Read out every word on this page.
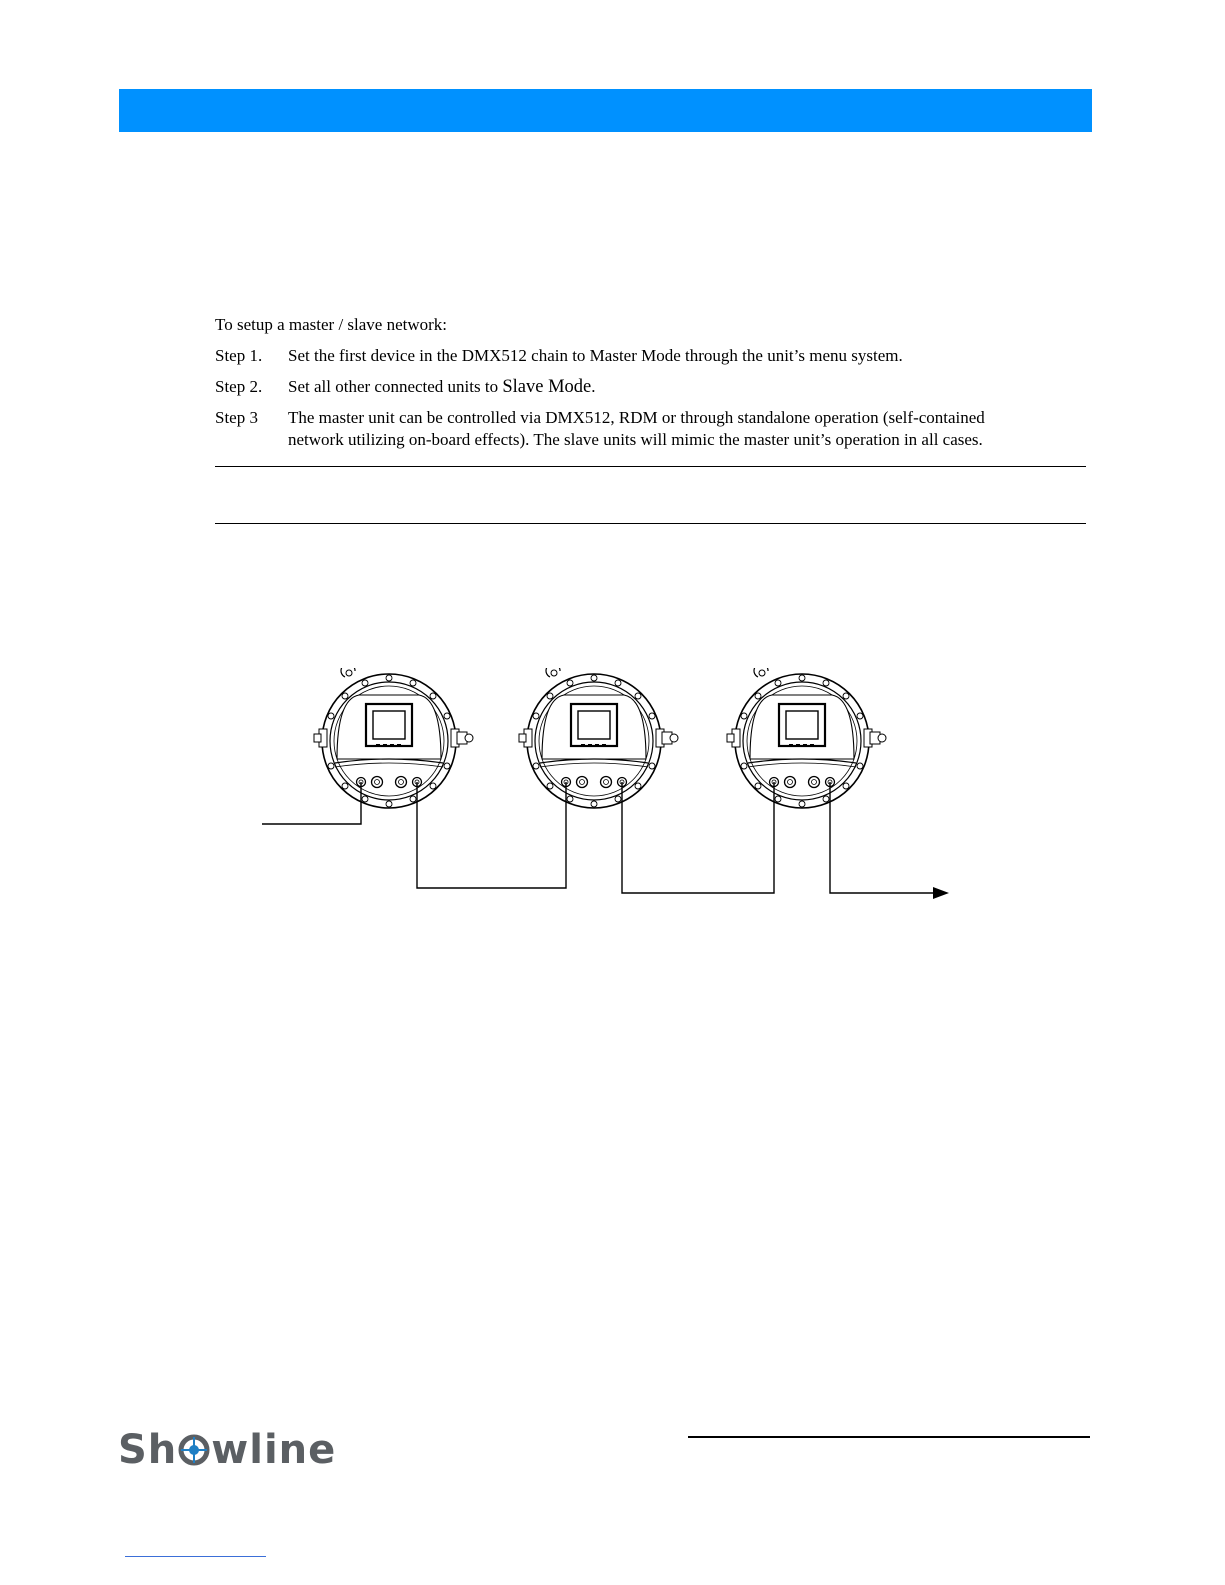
To setup a master / slave network:
Step 1. Set the first device in the DMX512 chain to Master Mode through the unit’s menu system.
Step 2. Set all other connected units to Slave Mode.
Step 3 The master unit can be controlled via DMX512, RDM or through standalone operation (self-contained
network utilizing on-board effects). The slave units will mimic the master unit’s operation in all cases.
Sh wline
